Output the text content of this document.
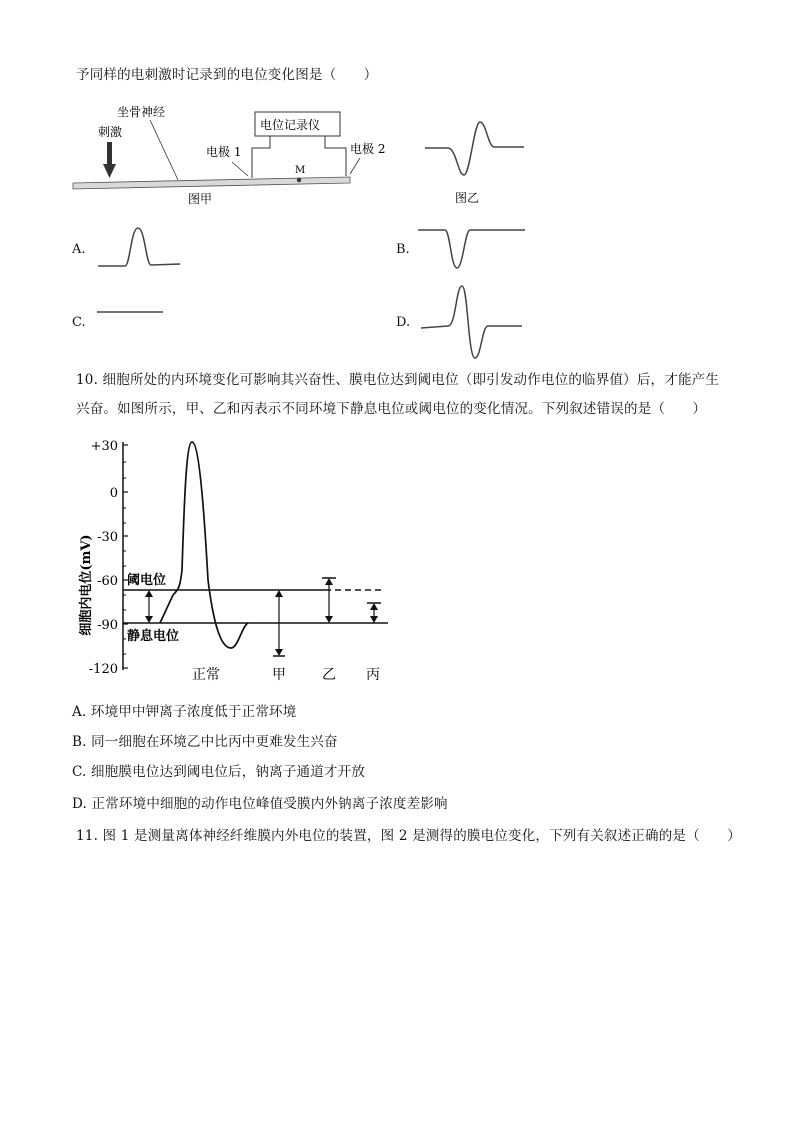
予同样的电刺激时记录到的电位变化图是（　　）
坐骨神经
刺激	电位记录仪
电极 1	电极 2
M
图甲	图乙
A.	B.
C.	D.
10. 细胞所处的内环境变化可影响其兴奋性、膜电位达到阈电位（即引发动作电位的临界值）后，才能产生
兴奋。如图所示，甲、乙和丙表示不同环境下静息电位或阈电位的变化情况。下列叙述错误的是（　　）
细胞内电位(mV)
+30
0
-30
-60
-90
-120
阈电位
静息电位
正常	甲	乙 丙
A. 环境甲中钾离子浓度低于正常环境
B. 同一细胞在环境乙中比丙中更难发生兴奋
C. 细胞膜电位达到阈电位后，钠离子通道才开放
D. 正常环境中细胞的动作电位峰值受膜内外钠离子浓度差影响
11. 图 1 是测量离体神经纤维膜内外电位的装置，图 2 是测得的膜电位变化，下列有关叙述正确的是（　　）
